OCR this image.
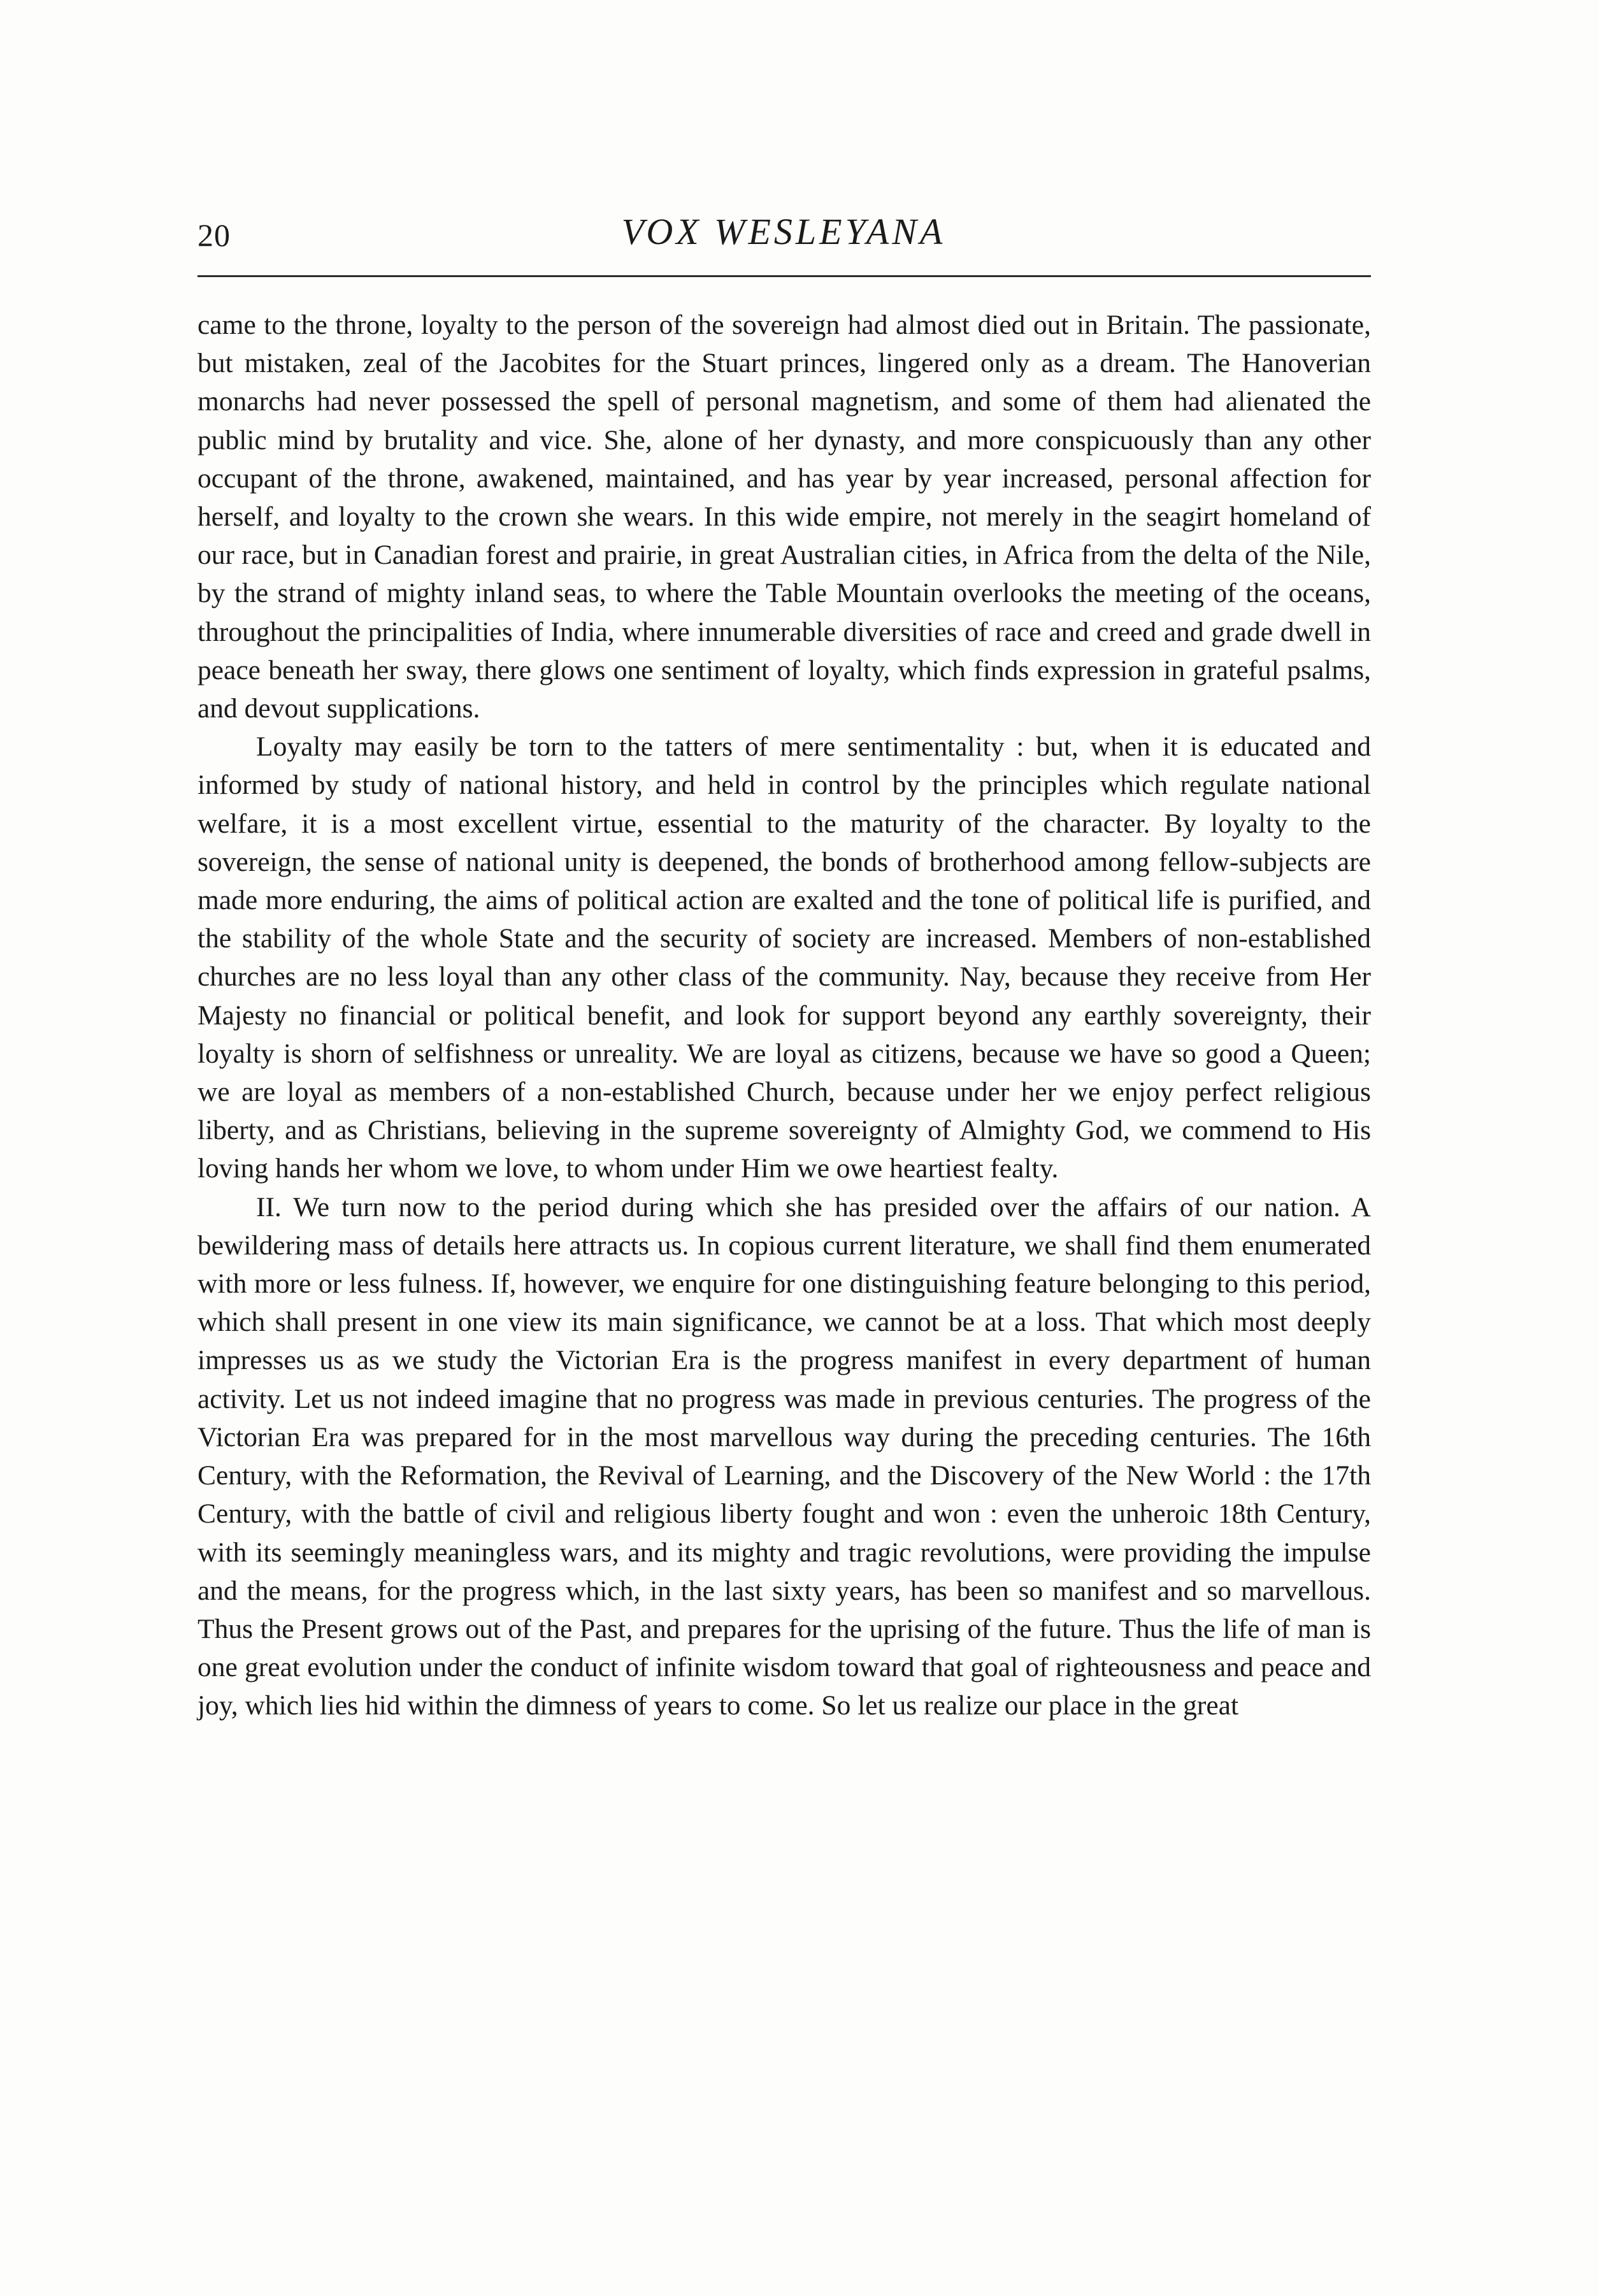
20	VOX WESLEYANA

came to the throne, loyalty to the person of the sovereign had almost died out in Britain. The passionate, but mistaken, zeal of the Jacobites for the Stuart princes, lingered only as a dream. The Hanoverian monarchs had never possessed the spell of personal magnetism, and some of them had alienated the public mind by brutality and vice. She, alone of her dynasty, and more conspicuously than any other occupant of the throne, awakened, maintained, and has year by year increased, personal affection for herself, and loyalty to the crown she wears. In this wide empire, not merely in the seagirt homeland of our race, but in Canadian forest and prairie, in great Australian cities, in Africa from the delta of the Nile, by the strand of mighty inland seas, to where the Table Mountain overlooks the meeting of the oceans, throughout the principalities of India, where innumerable diversities of race and creed and grade dwell in peace beneath her sway, there glows one sentiment of loyalty, which finds expression in grateful psalms, and devout supplications.

Loyalty may easily be torn to the tatters of mere sentimentality : but, when it is educated and informed by study of national history, and held in control by the principles which regulate national welfare, it is a most excellent virtue, essential to the maturity of the character. By loyalty to the sovereign, the sense of national unity is deepened, the bonds of brotherhood among fellow-subjects are made more enduring, the aims of political action are exalted and the tone of political life is purified, and the stability of the whole State and the security of society are increased. Members of non-established churches are no less loyal than any other class of the community. Nay, because they receive from Her Majesty no financial or political benefit, and look for support beyond any earthly sovereignty, their loyalty is shorn of selfishness or unreality. We are loyal as citizens, because we have so good a Queen; we are loyal as members of a non-established Church, because under her we enjoy perfect religious liberty, and as Christians, believing in the supreme sovereignty of Almighty God, we commend to His loving hands her whom we love, to whom under Him we owe heartiest fealty.

II. We turn now to the period during which she has presided over the affairs of our nation. A bewildering mass of details here attracts us. In copious current literature, we shall find them enumerated with more or less fulness. If, however, we enquire for one distinguishing feature belonging to this period, which shall present in one view its main significance, we cannot be at a loss. That which most deeply impresses us as we study the Victorian Era is the progress manifest in every department of human activity. Let us not indeed imagine that no progress was made in previous centuries. The progress of the Victorian Era was prepared for in the most marvellous way during the preceding centuries. The 16th Century, with the Reformation, the Revival of Learning, and the Discovery of the New World : the 17th Century, with the battle of civil and religious liberty fought and won : even the unheroic 18th Century, with its seemingly meaningless wars, and its mighty and tragic revolutions, were providing the impulse and the means, for the progress which, in the last sixty years, has been so manifest and so marvellous. Thus the Present grows out of the Past, and prepares for the uprising of the future. Thus the life of man is one great evolution under the conduct of infinite wisdom toward that goal of righteousness and peace and joy, which lies hid within the dimness of years to come. So let us realize our place in the great
